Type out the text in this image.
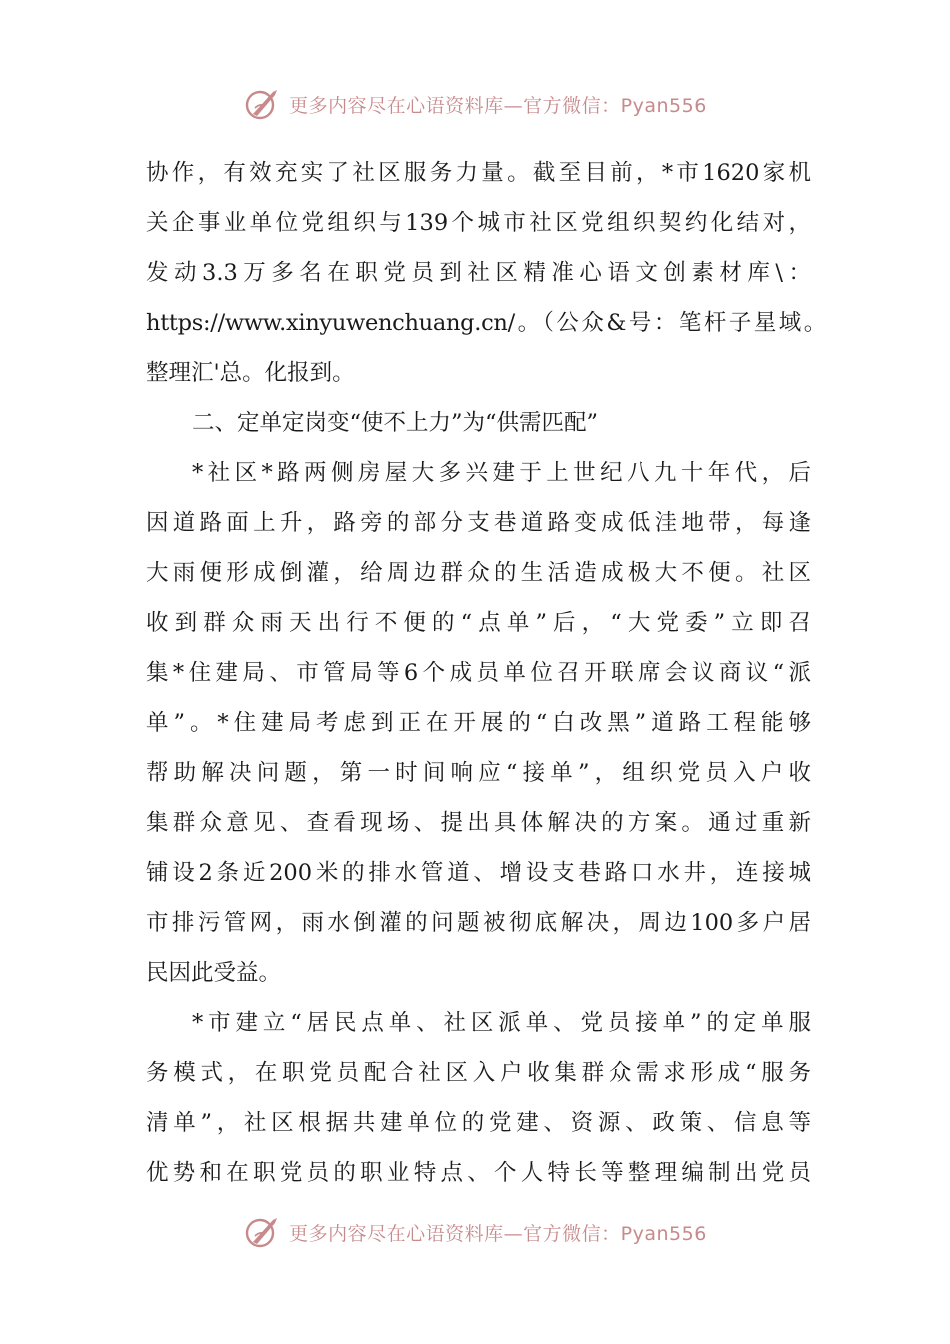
更多内容尽在心语资料库—官方微信：Pyan556
协作，有效充实了社区服务力量。截至目前，*市1620家机
关企事业单位党组织与139个城市社区党组织契约化结对，
发动3.3万多名在职党员到社区精准心语文创素材库\：
https://www.xinyuwenchuang.cn/。（公众&号：笔杆子星域。
整理汇'总。化报到。
二、定单定岗变“使不上力”为“供需匹配”
*社区*路两侧房屋大多兴建于上世纪八九十年代，后
因道路面上升，路旁的部分支巷道路变成低洼地带，每逢
大雨便形成倒灌，给周边群众的生活造成极大不便。社区
收到群众雨天出行不便的“点单”后，“大党委”立即召
集*住建局、市管局等6个成员单位召开联席会议商议“派
单”。*住建局考虑到正在开展的“白改黑”道路工程能够
帮助解决问题，第一时间响应“接单”，组织党员入户收
集群众意见、查看现场、提出具体解决的方案。通过重新
铺设2条近200米的排水管道、增设支巷路口水井，连接城
市排污管网，雨水倒灌的问题被彻底解决，周边100多户居
民因此受益。
*市建立“居民点单、社区派单、党员接单”的定单服
务模式，在职党员配合社区入户收集群众需求形成“服务
清单”，社区根据共建单位的党建、资源、政策、信息等
优势和在职党员的职业特点、个人特长等整理编制出党员
更多内容尽在心语资料库—官方微信：Pyan556
